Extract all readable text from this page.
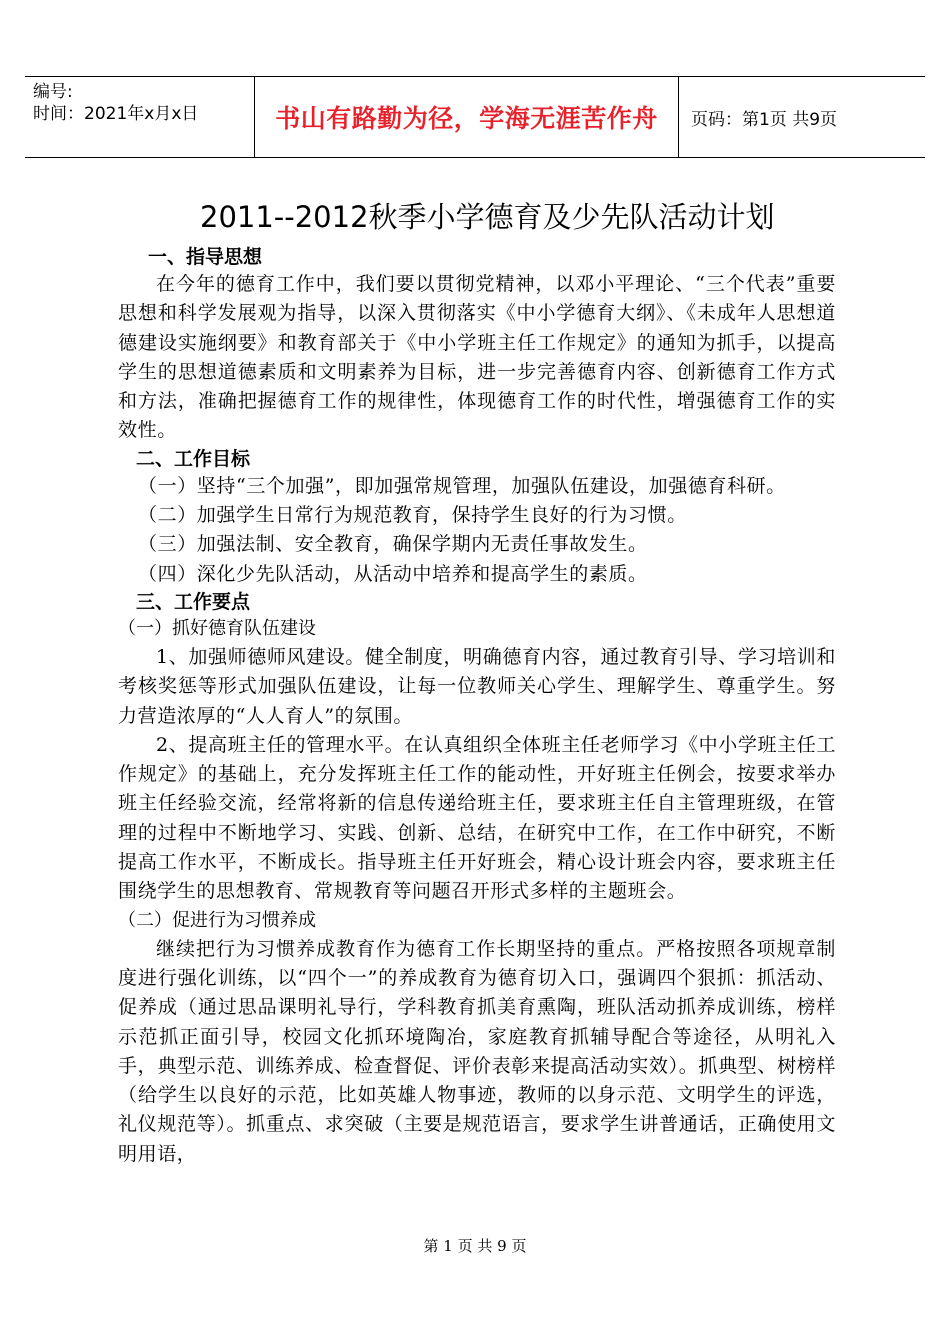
编号:
时间：2021年x月x日	书山有路勤为径，学海无涯苦作舟	页码：第1页 共9页
2011--2012秋季小学德育及少先队活动计划
一、指导思想

在今年的德育工作中，我们要以贯彻党精神，以邓小平理论、“三个代表”重要思想和科学发展观为指导，以深入贯彻落实《中小学德育大纲》、《未成年人思想道德建设实施纲要》和教育部关于《中小学班主任工作规定》的通知为抓手，以提高学生的思想道德素质和文明素养为目标，进一步完善德育内容、创新德育工作方式和方法，准确把握德育工作的规律性，体现德育工作的时代性，增强德育工作的实效性。

二、工作目标

（一）坚持“三个加强”，即加强常规管理，加强队伍建设，加强德育科研。

（二）加强学生日常行为规范教育，保持学生良好的行为习惯。

（三）加强法制、安全教育，确保学期内无责任事故发生。

（四）深化少先队活动，从活动中培养和提高学生的素质。

三、工作要点
（一）抓好德育队伍建设

1、加强师德师风建设。健全制度，明确德育内容，通过教育引导、学习培训和考核奖惩等形式加强队伍建设，让每一位教师关心学生、理解学生、尊重学生。努力营造浓厚的“人人育人”的氛围。

2、提高班主任的管理水平。在认真组织全体班主任老师学习《中小学班主任工作规定》的基础上，充分发挥班主任工作的能动性，开好班主任例会，按要求举办班主任经验交流，经常将新的信息传递给班主任，要求班主任自主管理班级，在管理的过程中不断地学习、实践、创新、总结，在研究中工作，在工作中研究，不断提高工作水平，不断成长。指导班主任开好班会，精心设计班会内容，要求班主任围绕学生的思想教育、常规教育等问题召开形式多样的主题班会。

（二）促进行为习惯养成

继续把行为习惯养成教育作为德育工作长期坚持的重点。严格按照各项规章制度进行强化训练，以“四个一”的养成教育为德育切入口，强调四个狠抓：抓活动、促养成（通过思品课明礼导行，学科教育抓美育熏陶，班队活动抓养成训练，榜样示范抓正面引导，校园文化抓环境陶冶，家庭教育抓辅导配合等途径，从明礼入手，典型示范、训练养成、检查督促、评价表彰来提高活动实效）。抓典型、树榜样（给学生以良好的示范，比如英雄人物事迹，教师的以身示范、文明学生的评选，礼仪规范等）。抓重点、求突破（主要是规范语言，要求学生讲普通话，正确使用文明用语，

第 1 页 共 9 页
